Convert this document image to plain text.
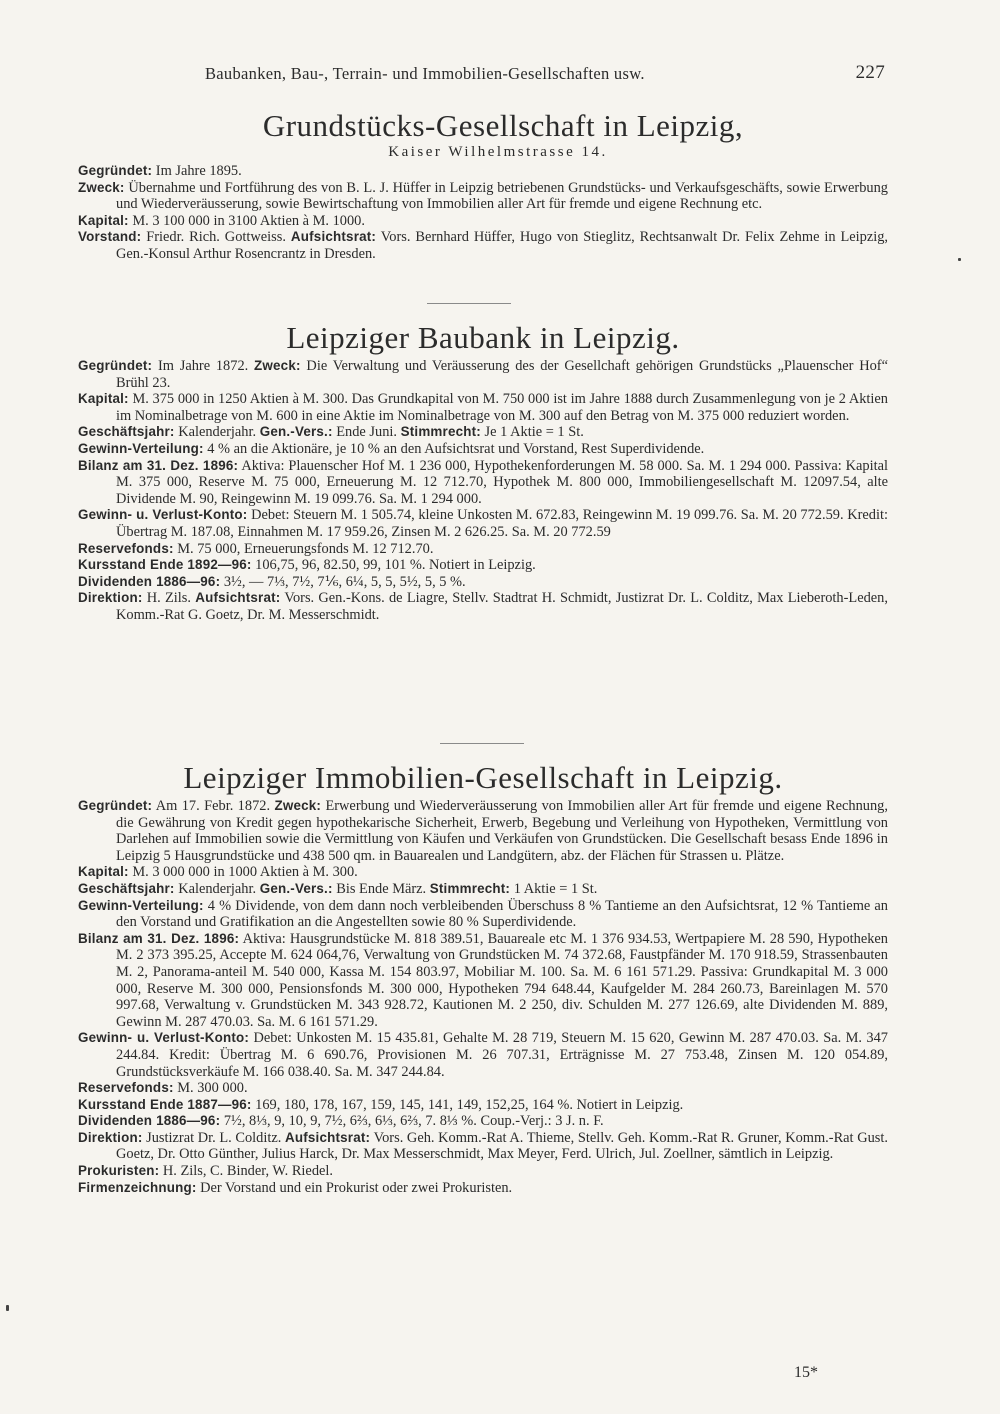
Baubanken, Bau-, Terrain- und Immobilien-Gesellschaften usw.	227
Grundstücks-Gesellschaft in Leipzig,
Kaiser Wilhelmstrasse 14.

Gegründet: Im Jahre 1895.

Zweck: Übernahme und Fortführung des von B. L. J. Hüffer in Leipzig betriebenen Grundstücks- und Verkaufsgeschäfts, sowie Erwerbung und Wiederveräusserung, sowie Bewirtschaftung von Immobilien aller Art für fremde und eigene Rechnung etc.

Kapital: M. 3 100 000 in 3100 Aktien à M. 1000.

Vorstand: Friedr. Rich. Gottweiss. Aufsichtsrat: Vors. Bernhard Hüffer, Hugo von Stieglitz, Rechtsanwalt Dr. Felix Zehme in Leipzig, Gen.-Konsul Arthur Rosencrantz in Dresden.

Leipziger Baubank in Leipzig.

Gegründet: Im Jahre 1872. Zweck: Die Verwaltung und Veräusserung des der Gesellchaft gehörigen Grundstücks „Plauenscher Hof“ Brühl 23.

Kapital: M. 375 000 in 1250 Aktien à M. 300. Das Grundkapital von M. 750 000 ist im Jahre 1888 durch Zusammenlegung von je 2 Aktien im Nominalbetrage von M. 600 in eine Aktie im Nominalbetrage von M. 300 auf den Betrag von M. 375 000 reduziert worden.

Geschäftsjahr: Kalenderjahr. Gen.-Vers.: Ende Juni. Stimmrecht: Je 1 Aktie = 1 St.

Gewinn-Verteilung: 4 % an die Aktionäre, je 10 % an den Aufsichtsrat und Vorstand, Rest Superdividende.

Bilanz am 31. Dez. 1896: Aktiva: Plauenscher Hof M. 1 236 000, Hypothekenforderungen M. 58 000. Sa. M. 1 294 000. Passiva: Kapital M. 375 000, Reserve M. 75 000, Erneuerung M. 12 712.70, Hypothek M. 800 000, Immobiliengesellschaft M. 12097.54, alte Dividende M. 90, Reingewinn M. 19 099.76. Sa. M. 1 294 000.

Gewinn- u. Verlust-Konto: Debet: Steuern M. 1 505.74, kleine Unkosten M. 672.83, Reingewinn M. 19 099.76. Sa. M. 20 772.59. Kredit: Übertrag M. 187.08, Einnahmen M. 17 959.26, Zinsen M. 2 626.25. Sa. M. 20 772.59

Reservefonds: M. 75 000, Erneuerungsfonds M. 12 712.70.

Kursstand Ende 1892—96: 106,75, 96, 82.50, 99, 101 %. Notiert in Leipzig.

Dividenden 1886—96: 3½, — 7⅓, 7½, 7⅙, 6¼, 5, 5, 5½, 5, 5 %.

Direktion: H. Zils. Aufsichtsrat: Vors. Gen.-Kons. de Liagre, Stellv. Stadtrat H. Schmidt, Justizrat Dr. L. Colditz, Max Lieberoth-Leden, Komm.-Rat G. Goetz, Dr. M. Messerschmidt.

Leipziger Immobilien-Gesellschaft in Leipzig.

Gegründet: Am 17. Febr. 1872. Zweck: Erwerbung und Wiederveräusserung von Immobilien aller Art für fremde und eigene Rechnung, die Gewährung von Kredit gegen hypothekarische Sicherheit, Erwerb, Begebung und Verleihung von Hypotheken, Vermittlung von Darlehen auf Immobilien sowie die Vermittlung von Käufen und Verkäufen von Grundstücken. Die Gesellschaft besass Ende 1896 in Leipzig 5 Hausgrundstücke und 438 500 qm. in Bauarealen und Landgütern, abz. der Flächen für Strassen u. Plätze.

Kapital: M. 3 000 000 in 1000 Aktien à M. 300.

Geschäftsjahr: Kalenderjahr. Gen.-Vers.: Bis Ende März. Stimmrecht: 1 Aktie = 1 St.

Gewinn-Verteilung: 4 % Dividende, von dem dann noch verbleibenden Überschuss 8 % Tantieme an den Aufsichtsrat, 12 % Tantieme an den Vorstand und Gratifikation an die Angestellten sowie 80 % Superdividende.

Bilanz am 31. Dez. 1896: Aktiva: Hausgrundstücke M. 818 389.51, Bauareale etc M. 1 376 934.53, Wertpapiere M. 28 590, Hypotheken M. 2 373 395.25, Accepte M. 624 064,76, Verwaltung von Grundstücken M. 74 372.68, Faustpfänder M. 170 918.59, Strassenbauten M. 2, Panorama-anteil M. 540 000, Kassa M. 154 803.97, Mobiliar M. 100. Sa. M. 6 161 571.29. Passiva: Grundkapital M. 3 000 000, Reserve M. 300 000, Pensionsfonds M. 300 000, Hypotheken 794 648.44, Kaufgelder M. 284 260.73, Bareinlagen M. 570 997.68, Verwaltung v. Grundstücken M. 343 928.72, Kautionen M. 2 250, div. Schulden M. 277 126.69, alte Dividenden M. 889, Gewinn M. 287 470.03. Sa. M. 6 161 571.29.

Gewinn- u. Verlust-Konto: Debet: Unkosten M. 15 435.81, Gehalte M. 28 719, Steuern M. 15 620, Gewinn M. 287 470.03. Sa. M. 347 244.84. Kredit: Übertrag M. 6 690.76, Provisionen M. 26 707.31, Erträgnisse M. 27 753.48, Zinsen M. 120 054.89, Grundstücksverkäufe M. 166 038.40. Sa. M. 347 244.84.

Reservefonds: M. 300 000.

Kursstand Ende 1887—96: 169, 180, 178, 167, 159, 145, 141, 149, 152,25, 164 %. Notiert in Leipzig.

Dividenden 1886—96: 7½, 8⅓, 9, 10, 9, 7½, 6⅔, 6⅓, 6⅔, 7. 8⅓ %. Coup.-Verj.: 3 J. n. F.

Direktion: Justizrat Dr. L. Colditz. Aufsichtsrat: Vors. Geh. Komm.-Rat A. Thieme, Stellv. Geh. Komm.-Rat R. Gruner, Komm.-Rat Gust. Goetz, Dr. Otto Günther, Julius Harck, Dr. Max Messerschmidt, Max Meyer, Ferd. Ulrich, Jul. Zoellner, sämtlich in Leipzig.

Prokuristen: H. Zils, C. Binder, W. Riedel.

Firmenzeichnung: Der Vorstand und ein Prokurist oder zwei Prokuristen.

15*
